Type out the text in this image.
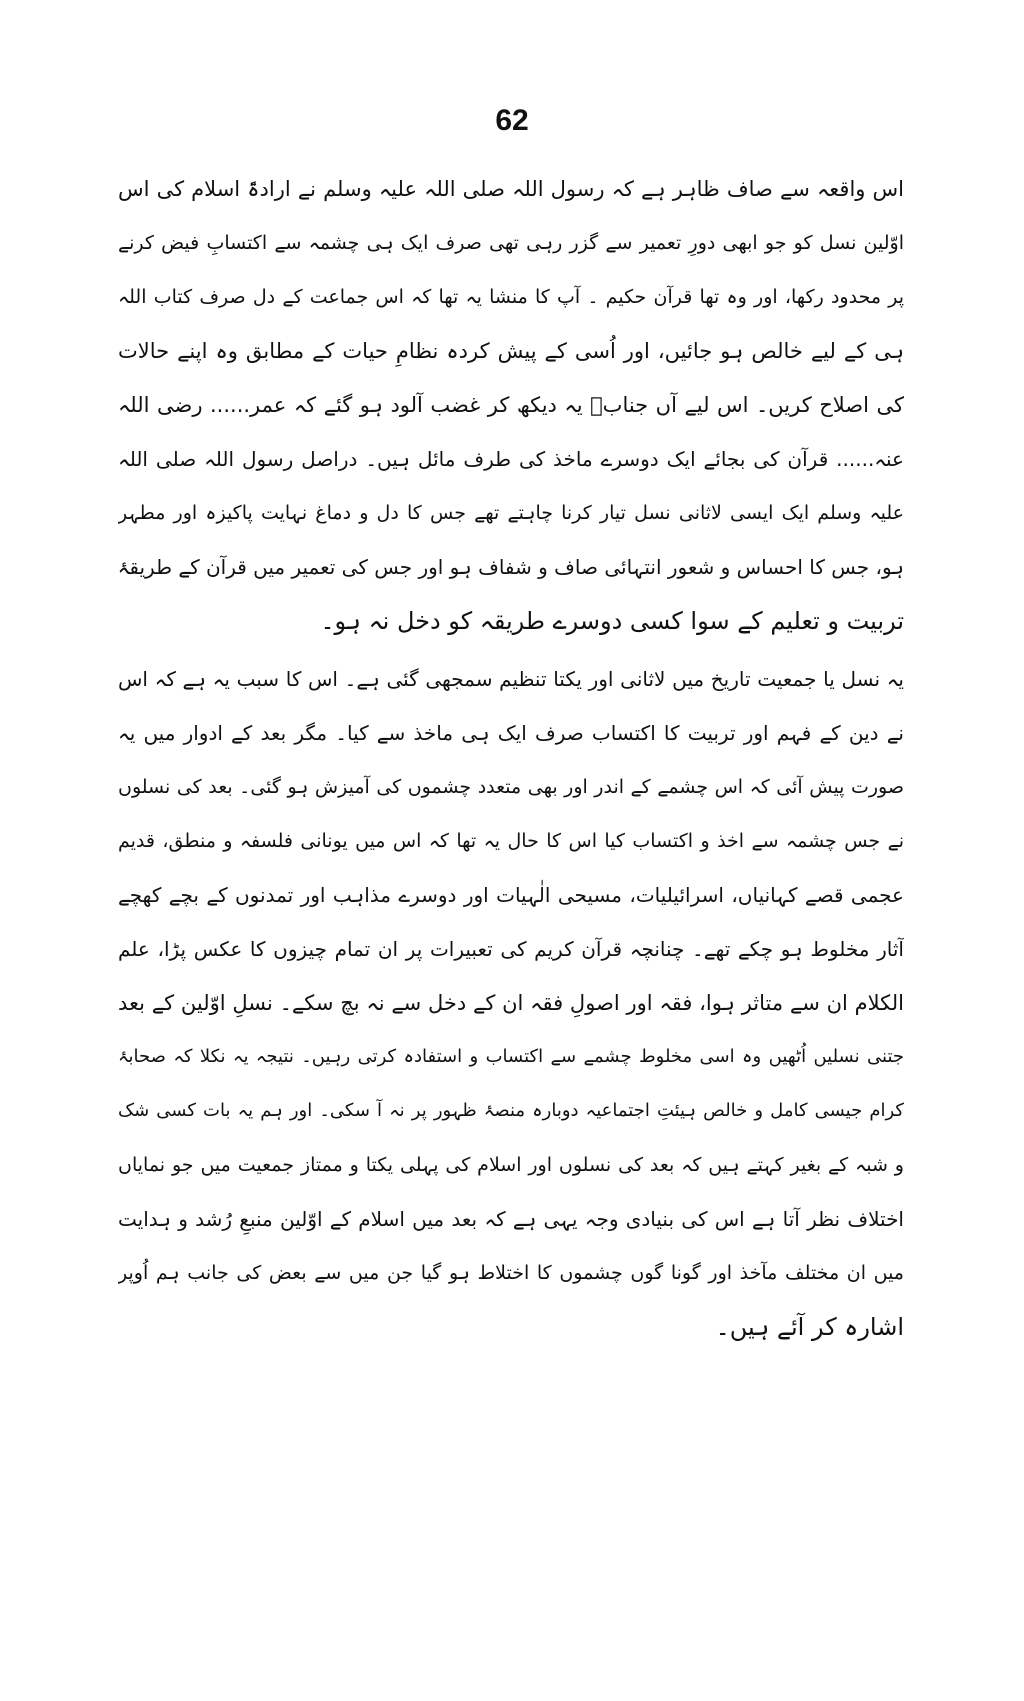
62
اس واقعہ سے صاف ظاہر ہے کہ رسول اللہ صلی اللہ علیہ وسلم نے ارادۃً اسلام کی اس
اوّلین نسل کو جو ابھی دورِ تعمیر سے گزر رہی تھی صرف ایک ہی چشمہ سے اکتسابِ فیض کرنے
پر محدود رکھا، اور وہ تھا قرآن حکیم ۔ آپ کا منشا یہ تھا کہ اس جماعت کے دل صرف کتاب اللہ
ہی کے لیے خالص ہو جائیں، اور اُسی کے پیش کردہ نظامِ حیات کے مطابق وہ اپنے حالات
کی اصلاح کریں۔ اس لیے آں جنابؐ یہ دیکھ کر غضب آلود ہو گئے کہ عمر...... رضی اللہ
عنہ...... قرآن کی بجائے ایک دوسرے ماخذ کی طرف مائل ہیں۔ دراصل رسول اللہ صلی اللہ
علیہ وسلم ایک ایسی لاثانی نسل تیار کرنا چاہتے تھے جس کا دل و دماغ نہایت پاکیزہ اور مطہر
ہو، جس کا احساس و شعور انتہائی صاف و شفاف ہو اور جس کی تعمیر میں قرآن کے طریقۂ
تربیت و تعلیم کے سوا کسی دوسرے طریقہ کو دخل نہ ہو۔
یہ نسل یا جمعیت تاریخ میں لاثانی اور یکتا تنظیم سمجھی گئی ہے۔ اس کا سبب یہ ہے کہ اس
نے دین کے فہم اور تربیت کا اکتساب صرف ایک ہی ماخذ سے کیا۔ مگر بعد کے ادوار میں یہ
صورت پیش آئی کہ اس چشمے کے اندر اور بھی متعدد چشموں کی آمیزش ہو گئی۔ بعد کی نسلوں
نے جس چشمہ سے اخذ و اکتساب کیا اس کا حال یہ تھا کہ اس میں یونانی فلسفہ و منطق، قدیم
عجمی قصے کہانیاں، اسرائیلیات، مسیحی الٰہیات اور دوسرے مذاہب اور تمدنوں کے بچے کھچے
آثار مخلوط ہو چکے تھے۔ چنانچہ قرآن کریم کی تعبیرات پر ان تمام چیزوں کا عکس پڑا، علم
الکلام ان سے متاثر ہوا، فقہ اور اصولِ فقہ ان کے دخل سے نہ بچ سکے۔ نسلِ اوّلین کے بعد
جتنی نسلیں اُٹھیں وہ اسی مخلوط چشمے سے اکتساب و استفادہ کرتی رہیں۔ نتیجہ یہ نکلا کہ صحابۂ
کرام جیسی کامل و خالص ہیئتِ اجتماعیہ دوبارہ منصۂ ظہور پر نہ آ سکی۔ اور ہم یہ بات کسی شک
و شبہ کے بغیر کہتے ہیں کہ بعد کی نسلوں اور اسلام کی پہلی یکتا و ممتاز جمعیت میں جو نمایاں
اختلاف نظر آتا ہے اس کی بنیادی وجہ یہی ہے کہ بعد میں اسلام کے اوّلین منبعِ رُشد و ہدایت
میں ان مختلف مآخذ اور گونا گوں چشموں کا اختلاط ہو گیا جن میں سے بعض کی جانب ہم اُوپر
اشارہ کر آئے ہیں۔
